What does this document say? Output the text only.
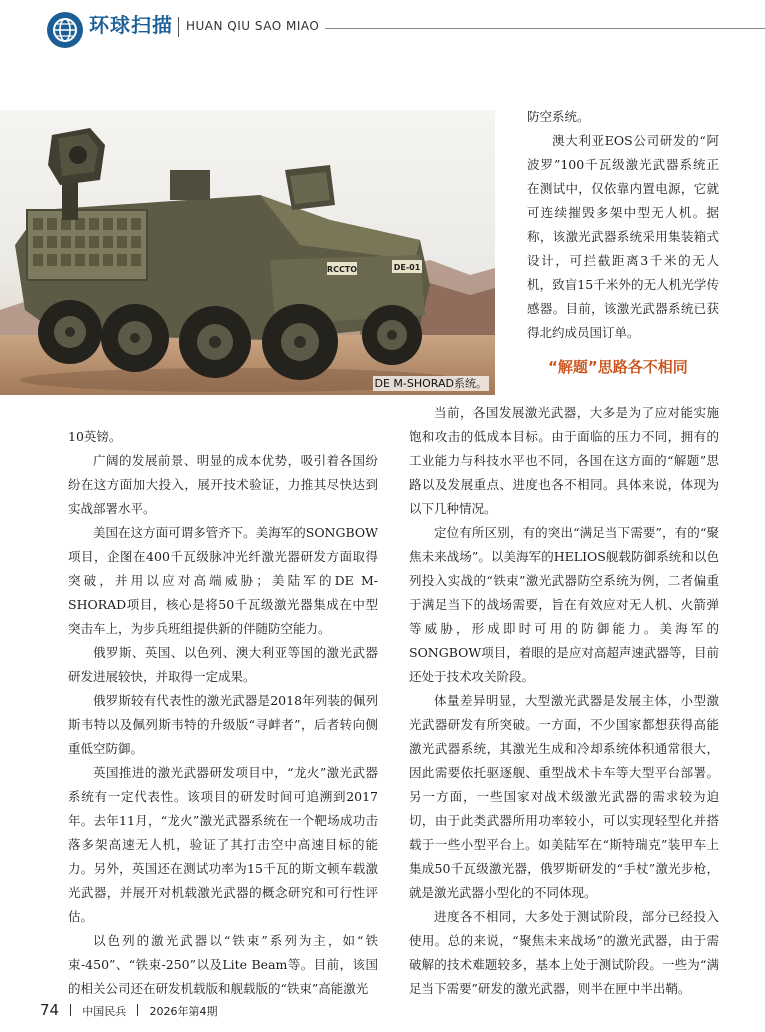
环球扫描 HUAN QIU SAO MIAO
RCCTO	DE-01
DE M-SHORAD系统。

防空系统。

澳大利亚EOS公司研发的“阿波罗”100千瓦级激光武器系统正在测试中，仅依靠内置电源，它就可连续摧毁多架中型无人机。据称，该激光武器系统采用集装箱式设计，可拦截距离3千米的无人机，致盲15千米外的无人机光学传感器。目前，该激光武器系统已获得北约成员国订单。

“解题”思路各不相同

10英镑。

广阔的发展前景、明显的成本优势，吸引着各国纷纷在这方面加大投入，展开技术验证，力推其尽快达到实战部署水平。

美国在这方面可谓多管齐下。美海军的SONGBOW项目，企图在400千瓦级脉冲光纤激光器研发方面取得突破，并用以应对高端威胁；美陆军的DE M-SHORAD项目，核心是将50千瓦级激光器集成在中型突击车上，为步兵班组提供新的伴随防空能力。

俄罗斯、英国、以色列、澳大利亚等国的激光武器研发进展较快，并取得一定成果。

俄罗斯较有代表性的激光武器是2018年列装的佩列斯韦特以及佩列斯韦特的升级版“寻衅者”，后者转向侧重低空防御。

英国推进的激光武器研发项目中，“龙火”激光武器系统有一定代表性。该项目的研发时间可追溯到2017年。去年11月，“龙火”激光武器系统在一个靶场成功击落多架高速无人机，验证了其打击空中高速目标的能力。另外，英国还在测试功率为15千瓦的斯文顿车载激光武器，并展开对机载激光武器的概念研究和可行性评估。

以色列的激光武器以“铁束”系列为主，如“铁束-450”、“铁束-250”以及Lite Beam等。目前，该国的相关公司还在研发机载版和舰载版的“铁束”高能激光

当前，各国发展激光武器，大多是为了应对能实施饱和攻击的低成本目标。由于面临的压力不同，拥有的工业能力与科技水平也不同，各国在这方面的“解题”思路以及发展重点、进度也各不相同。具体来说，体现为以下几种情况。

定位有所区别，有的突出“满足当下需要”，有的“聚焦未来战场”。以美海军的HELIOS舰载防御系统和以色列投入实战的“铁束”激光武器防空系统为例，二者偏重于满足当下的战场需要，旨在有效应对无人机、火箭弹等威胁，形成即时可用的防御能力。美海军的SONGBOW项目，着眼的是应对高超声速武器等，目前还处于技术攻关阶段。

体量差异明显，大型激光武器是发展主体，小型激光武器研发有所突破。一方面，不少国家都想获得高能激光武器系统，其激光生成和冷却系统体积通常很大，因此需要依托驱逐舰、重型战术卡车等大型平台部署。另一方面，一些国家对战术级激光武器的需求较为迫切，由于此类武器所用功率较小，可以实现轻型化并搭载于一些小型平台上。如美陆军在“斯特瑞克”装甲车上集成50千瓦级激光器，俄罗斯研发的“手杖”激光步枪，就是激光武器小型化的不同体现。

进度各不相同，大多处于测试阶段，部分已经投入使用。总的来说，“聚焦未来战场”的激光武器，由于需破解的技术难题较多，基本上处于测试阶段。一些为“满足当下需要”研发的激光武器，则半在匣中半出鞘。

74 中国民兵 2026年第4期
